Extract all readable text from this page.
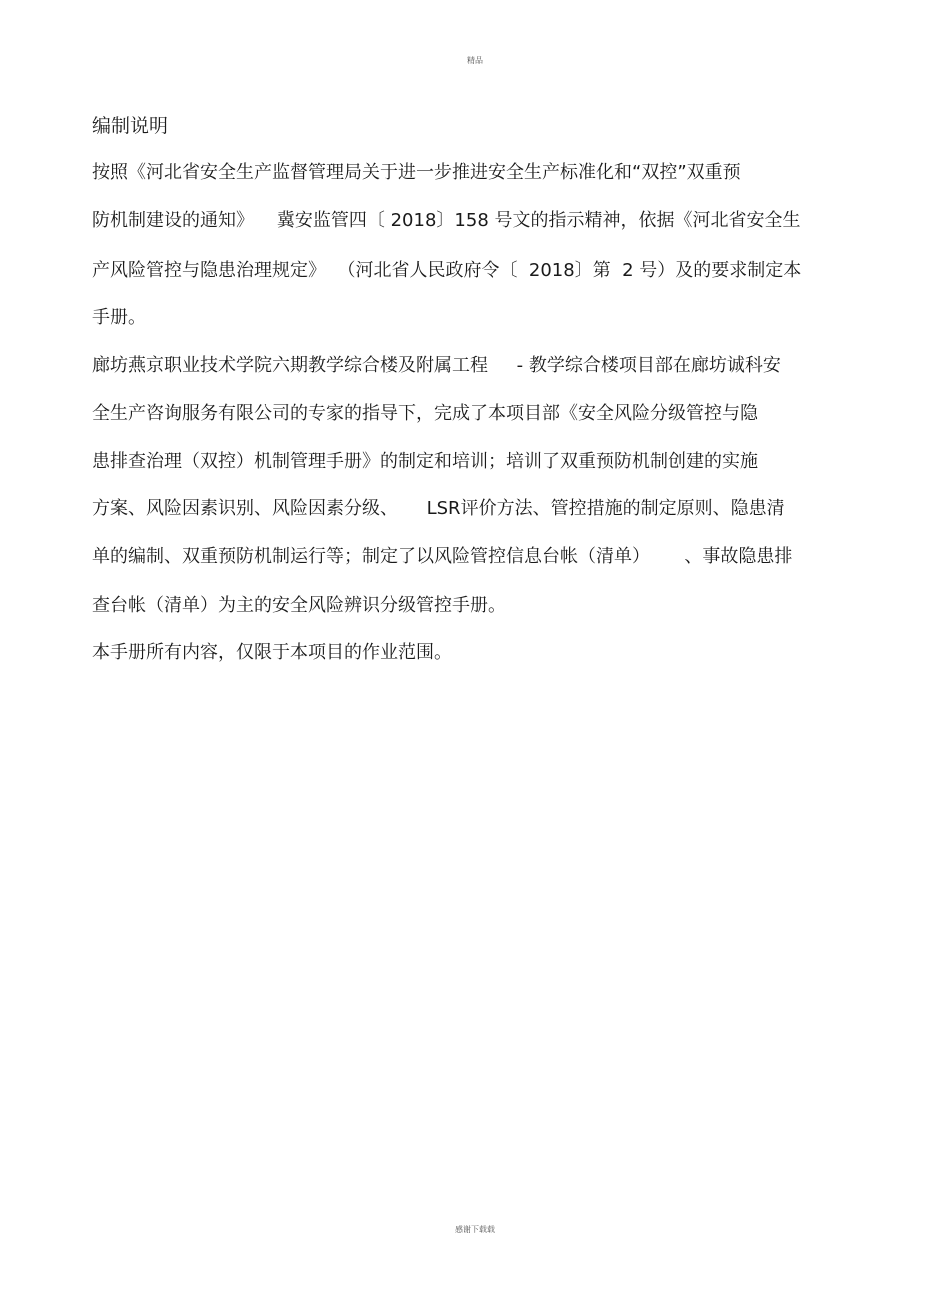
精品
编制说明
按照《河北省安全生产监督管理局关于进一步推进安全生产标准化和“双控”双重预
防机制建设的通知》    冀安监管四〔 2018〕158 号文的指示精神，依据《河北省安全生
产风险管控与隐患治理规定》  （河北省人民政府令〔  2018〕第  2 号）及的要求制定本
手册。
廊坊燕京职业技术学院六期教学综合楼及附属工程     - 教学综合楼项目部在廊坊诚科安
全生产咨询服务有限公司的专家的指导下，完成了本项目部《安全风险分级管控与隐
患排查治理（双控）机制管理手册》的制定和培训；培训了双重预防机制创建的实施
方案、风险因素识别、风险因素分级、     LSR评价方法、管控措施的制定原则、隐患清
单的编制、双重预防机制运行等；制定了以风险管控信息台帐（清单）      、事故隐患排
查台帐（清单）为主的安全风险辨识分级管控手册。
本手册所有内容，仅限于本项目的作业范围。
感谢下载载
